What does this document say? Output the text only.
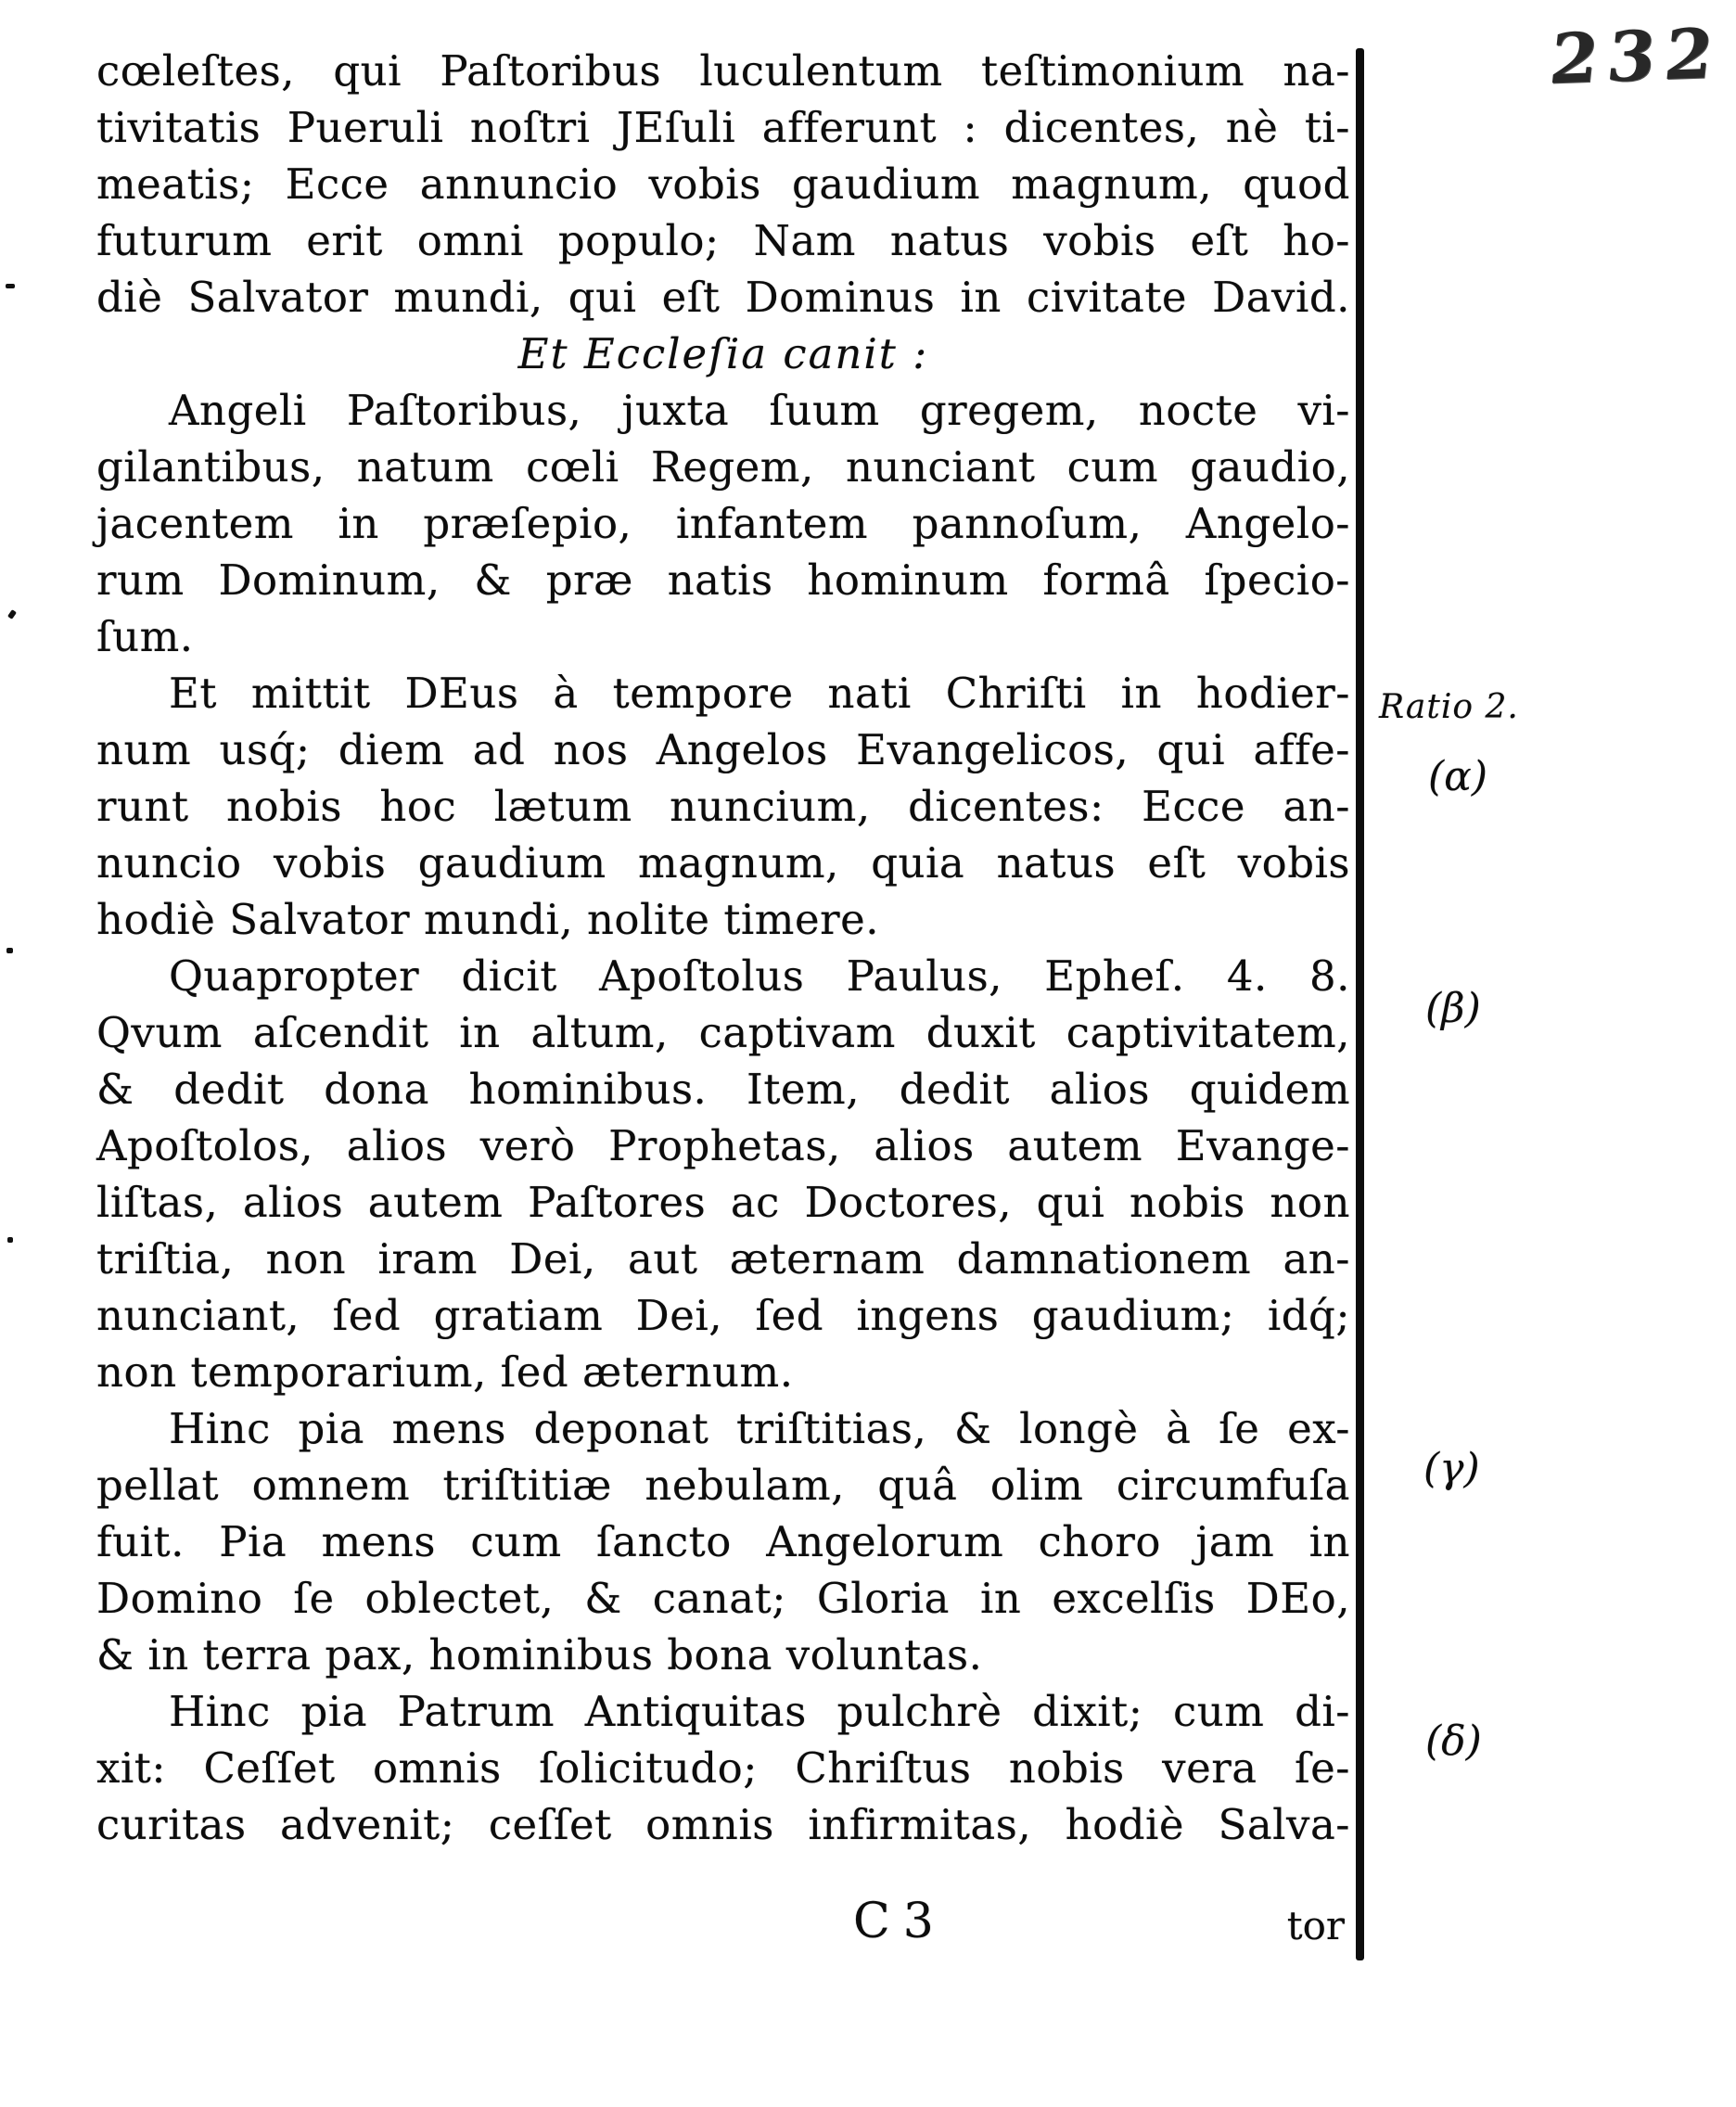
232
cœleſtes, qui Paſtoribus luculentum teſtimonium na-
tivitatis Pueruli noſtri JEſuli afferunt : dicentes, nè ti-
meatis; Ecce annuncio vobis gaudium magnum, quod
futurum erit omni populo; Nam natus vobis eſt ho-
diè Salvator mundi, qui eſt Dominus in civitate David.
Et Eccleſia canit :
Angeli Paſtoribus, juxta ſuum gregem, nocte vi-
gilantibus, natum cœli Regem, nunciant cum gaudio,
jacentem in præſepio, infantem pannoſum, Angelo-
rum Dominum, & præ natis hominum formâ ſpecio-
ſum.
Et mittit DEus à tempore nati Chriſti in hodier-
num usq́; diem ad nos Angelos Evangelicos, qui affe-
runt nobis hoc lætum nuncium, dicentes: Ecce an-
nuncio vobis gaudium magnum, quia natus eſt vobis
hodiè Salvator mundi, nolite timere.
Quapropter dicit Apoſtolus Paulus, Epheſ. 4. 8.
Qvum aſcendit in altum, captivam duxit captivitatem,
& dedit dona hominibus. Item, dedit alios quidem
Apoſtolos, alios verò Prophetas, alios autem Evange-
liſtas, alios autem Paſtores ac Doctores, qui nobis non
triſtia, non iram Dei, aut æternam damnationem an-
nunciant, ſed gratiam Dei, ſed ingens gaudium; idq́;
non temporarium, ſed æternum.
Hinc pia mens deponat triſtitias, & longè à ſe ex-
pellat omnem triſtitiæ nebulam, quâ olim circumfuſa
fuit. Pia mens cum ſancto Angelorum choro jam in
Domino ſe oblectet, & canat; Gloria in excelſis DEo,
& in terra pax, hominibus bona voluntas.
Hinc pia Patrum Antiquitas pulchrè dixit; cum di-
xit: Ceſſet omnis ſolicitudo; Chriſtus nobis vera ſe-
curitas advenit; ceſſet omnis infirmitas, hodiè Salva-
Ratio 2.
(α)
(β)
(γ)
(δ)
C3	tor
